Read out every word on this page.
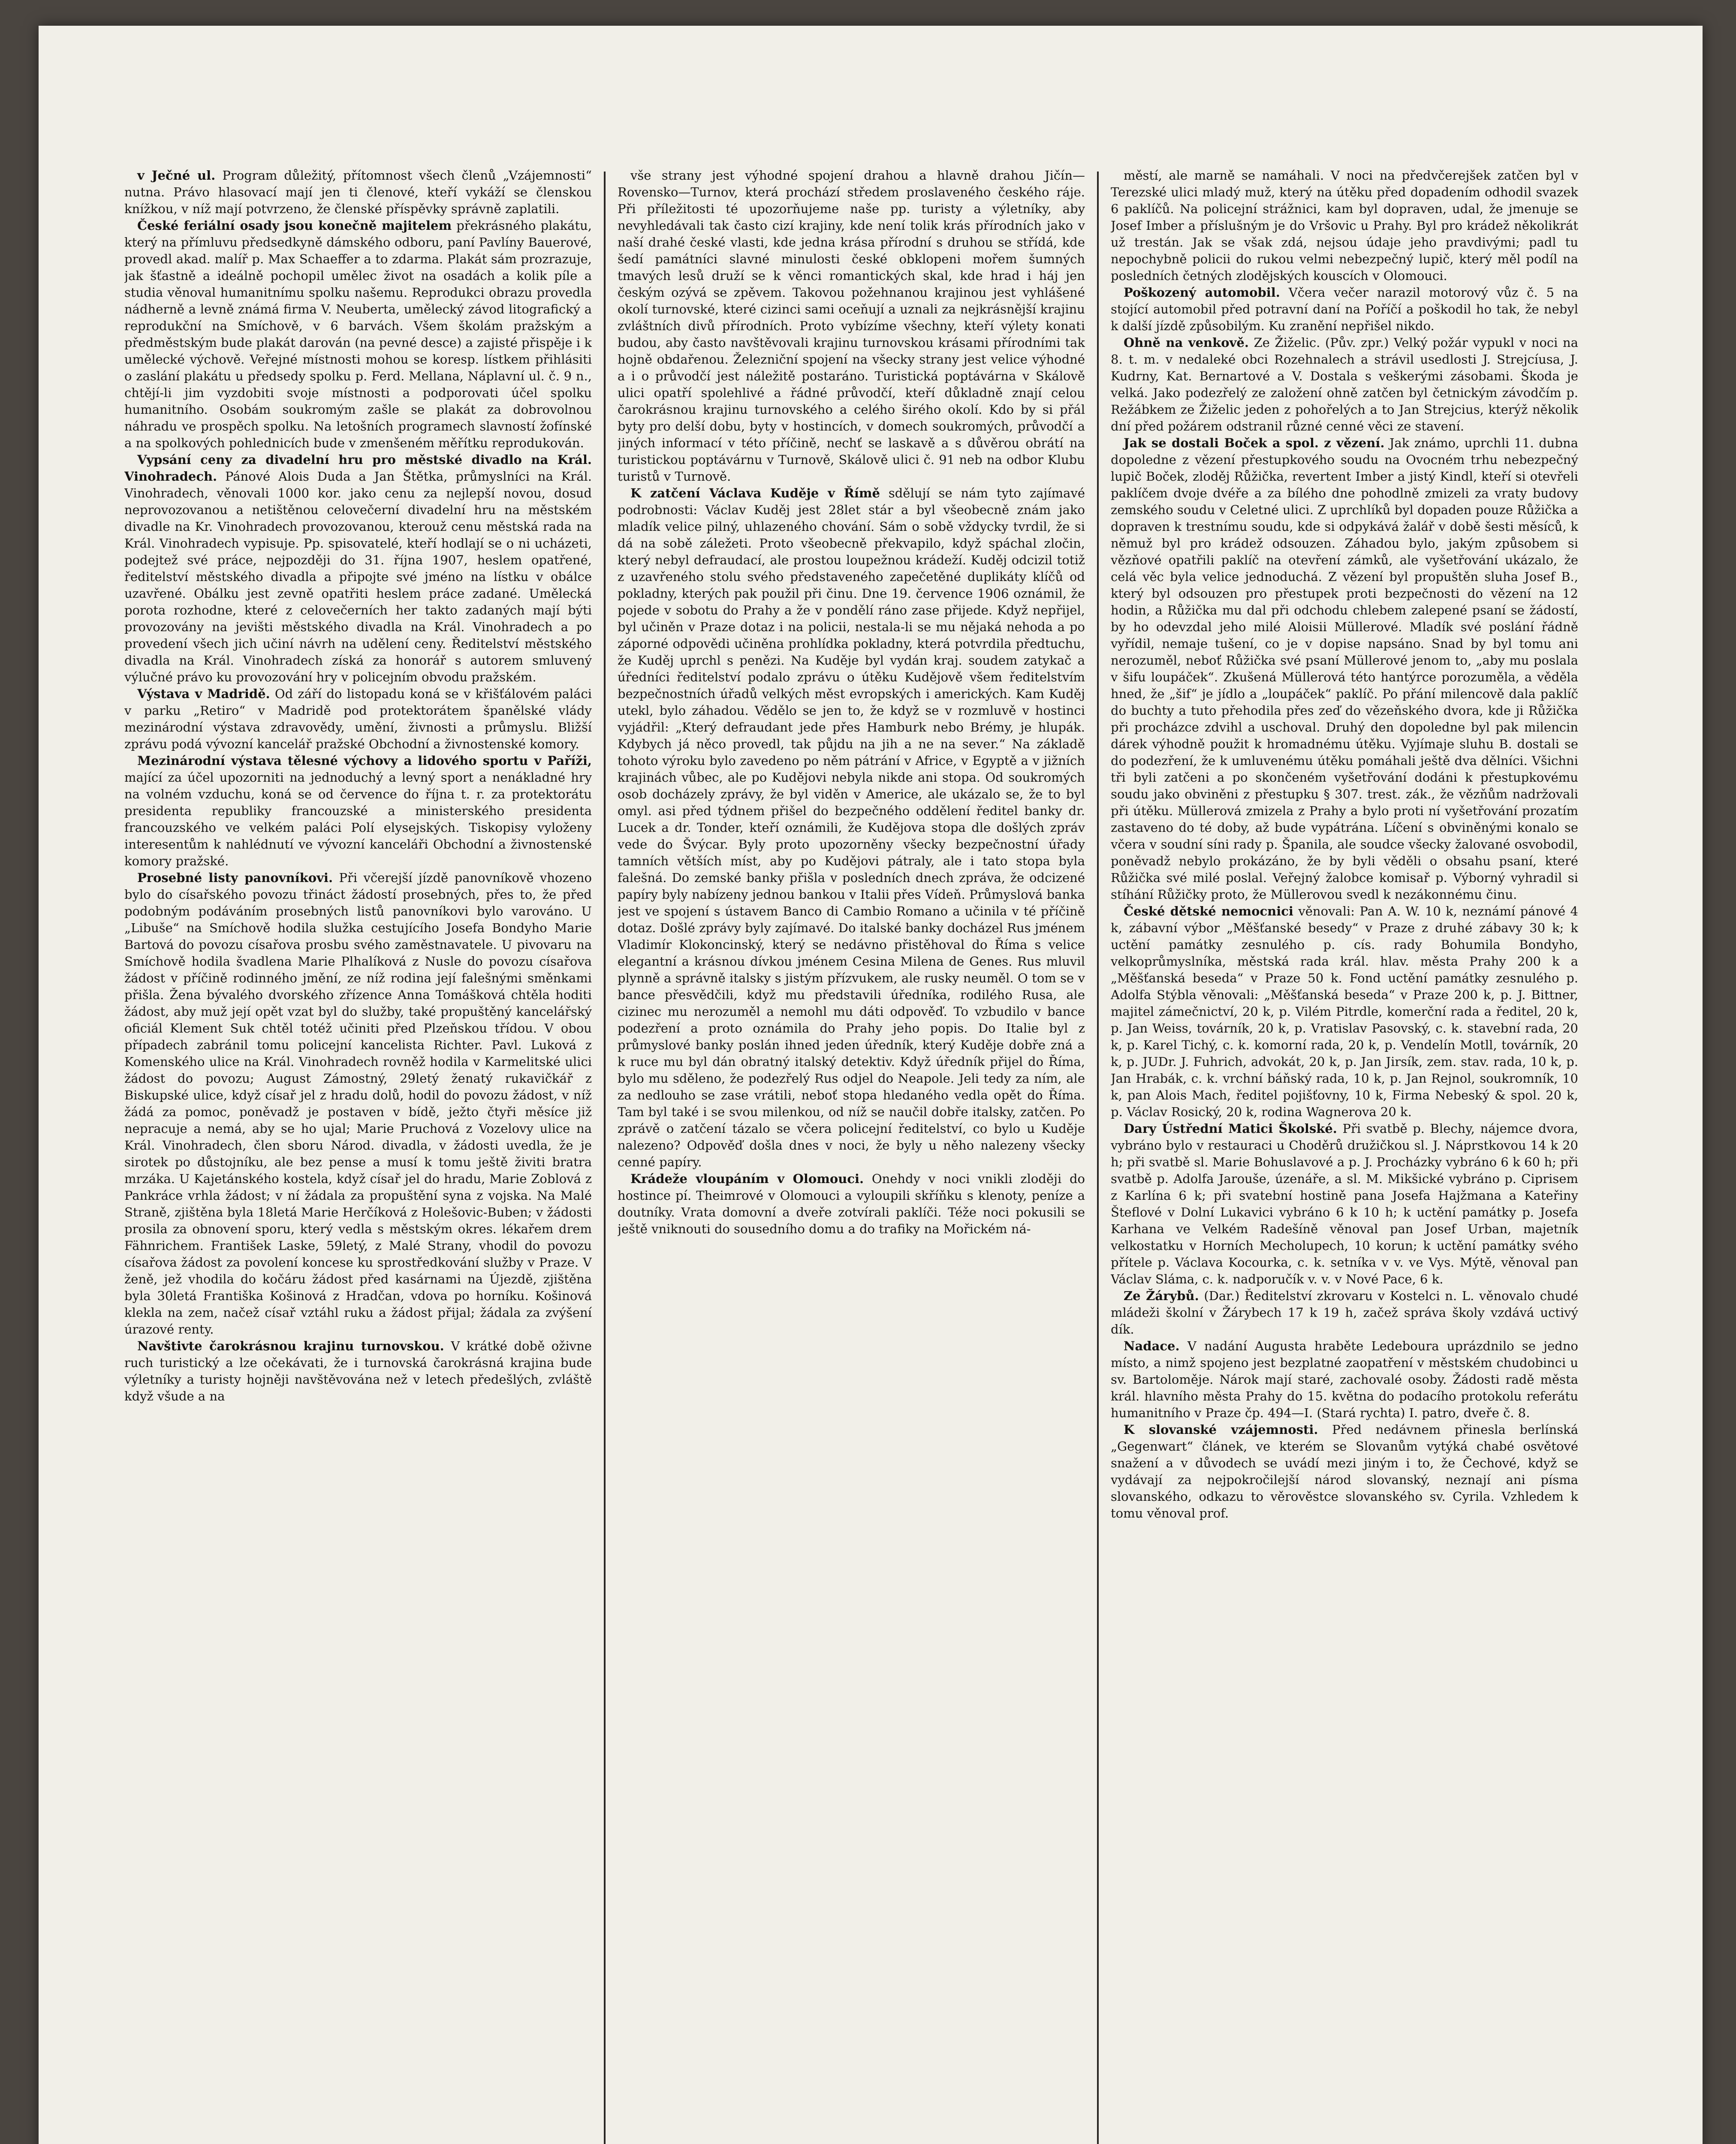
v Ječné ul. Program důležitý, přítomnost všech členů „Vzájemnosti“ nutna. Právo hlasovací mají jen ti členové, kteří vykáží se členskou knížkou, v níž mají potvrzeno, že členské příspěvky správně zaplatili.

České feriální osady jsou konečně majitelem překrásného plakátu, který na přímluvu předsedkyně dámského odboru, paní Pavlíny Bauerové, provedl akad. malíř p. Max Schaeffer a to zdarma. Plakát sám prozrazuje, jak šťastně a ideálně pochopil umělec život na osadách a kolik píle a studia věnoval humanitnímu spolku našemu. Reprodukci obrazu provedla nádherně a levně známá firma V. Neuberta, umělecký závod litografický a reprodukční na Smíchově, v 6 barvách. Všem školám pražským a předměstským bude plakát darován (na pevné desce) a zajisté přispěje i k umělecké výchově. Veřejné místnosti mohou se koresp. lístkem přihlásiti o zaslání plakátu u předsedy spolku p. Ferd. Mellana, Náplavní ul. č. 9 n., chtějí-li jim vyzdobiti svoje místnosti a podporovati účel spolku humanitního. Osobám soukromým zašle se plakát za dobrovolnou náhradu ve prospěch spolku. Na letošních programech slavností žofínské a na spolkových pohlednicích bude v zmenšeném měřítku reprodukován.

Vypsání ceny za divadelní hru pro městské divadlo na Král. Vinohradech. Pánové Alois Duda a Jan Štětka, průmyslníci na Král. Vinohradech, věnovali 1000 kor. jako cenu za nejlepší novou, dosud neprovozovanou a netištěnou celovečerní divadelní hru na městském divadle na Kr. Vinohradech provozovanou, kterouž cenu městská rada na Král. Vinohradech vypisuje. Pp. spisovatelé, kteří hodlají se o ni ucházeti, podejtež své práce, nejpozději do 31. října 1907, heslem opatřené, ředitelství městského divadla a připojte své jméno na lístku v obálce uzavřené. Obálku jest zevně opatřiti heslem práce zadané. Umělecká porota rozhodne, které z celovečerních her takto zadaných mají býti provozovány na jevišti městského divadla na Král. Vinohradech a po provedení všech jich učiní návrh na udělení ceny. Ředitelství městského divadla na Král. Vinohradech získá za honorář s autorem smluvený výlučné právo ku provozování hry v policejním obvodu pražském.

Výstava v Madridě. Od září do listopadu koná se v křišťálovém paláci v parku „Retiro“ v Madridě pod protektorátem španělské vlády mezinárodní výstava zdravovědy, umění, živnosti a průmyslu. Bližší zprávu podá vývozní kancelář pražské Obchodní a živnostenské komory.

Mezinárodní výstava tělesné výchovy a lidového sportu v Paříži, mající za účel upozorniti na jednoduchý a levný sport a nenákladné hry na volném vzduchu, koná se od července do října t. r. za protektorátu presidenta republiky francouzské a ministerského presidenta francouzského ve velkém paláci Polí elysejských. Tiskopisy vyloženy interesentům k nahlédnutí ve vývozní kanceláři Obchodní a živnostenské komory pražské.

Prosebné listy panovníkovi. Při včerejší jízdě panovníkově vhozeno bylo do císařského povozu třináct žádostí prosebných, přes to, že před podobným podáváním prosebných listů panovníkovi bylo varováno. U „Libuše“ na Smíchově hodila služka cestujícího Josefa Bondyho Marie Bartová do povozu císařova prosbu svého zaměstnavatele. U pivovaru na Smíchově hodila švadlena Marie Plhalíková z Nusle do povozu císařova žádost v příčině rodinného jmění, ze níž rodina její falešnými směnkami přišla. Žena bývalého dvorského zřízence Anna Tomášková chtěla hoditi žádost, aby muž její opět vzat byl do služby, také propuštěný kancelářský oficiál Klement Suk chtěl totéž učiniti před Plzeňskou třídou. V obou případech zabránil tomu policejní kancelista Richter. Pavl. Luková z Komenského ulice na Král. Vinohradech rovněž hodila v Karmelitské ulici žádost do povozu; August Zámostný, 29letý ženatý rukavičkář z Biskupské ulice, když císař jel z hradu dolů, hodil do povozu žádost, v níž žádá za pomoc, poněvadž je postaven v bídě, ježto čtyři měsíce již nepracuje a nemá, aby se ho ujal; Marie Pruchová z Vozelovy ulice na Král. Vinohradech, člen sboru Národ. divadla, v žádosti uvedla, že je sirotek po důstojníku, ale bez pense a musí k tomu ještě živiti bratra mrzáka. U Kajetánského kostela, když císař jel do hradu, Marie Zoblová z Pankráce vrhla žádost; v ní žádala za propuštění syna z vojska. Na Malé Straně, zjištěna byla 18letá Marie Herčíková z Holešovic-Buben; v žádosti prosila za obnovení sporu, který vedla s městským okres. lékařem drem Fähnrichem. František Laske, 59letý, z Malé Strany, vhodil do povozu císařova žádost za povolení koncese ku sprostředkování služby v Praze. V ženě, jež vhodila do kočáru žádost před kasárnami na Újezdě, zjištěna byla 30letá Františka Košinová z Hradčan, vdova po horníku. Košinová klekla na zem, načež císař vztáhl ruku a žádost přijal; žádala za zvýšení úrazové renty.

Navštivte čarokrásnou krajinu turnovskou. V krátké době oživne ruch turistický a lze očekávati, že i turnovská čarokrásná krajina bude výletníky a turisty hojněji navštěvována než v letech předešlých, zvláště když všude a na

vše strany jest výhodné spojení drahou a hlavně drahou Jičín—Rovensko—Turnov, která prochází středem proslaveného českého ráje. Při příležitosti té upozorňujeme naše pp. turisty a výletníky, aby nevyhledávali tak často cizí krajiny, kde není tolik krás přírodních jako v naší drahé české vlasti, kde jedna krása přírodní s druhou se střídá, kde šedí památníci slavné minulosti české obklopeni mořem šumných tmavých lesů druží se k věnci romantických skal, kde hrad i háj jen českým ozývá se zpěvem. Takovou požehnanou krajinou jest vyhlášené okolí turnovské, které cizinci sami oceňují a uznali za nejkrásnější krajinu zvláštních divů přírodních. Proto vybízíme všechny, kteří výlety konati budou, aby často navštěvovali krajinu turnovskou krásami přírodními tak hojně obdařenou. Železniční spojení na všecky strany jest velice výhodné a i o průvodčí jest náležitě postaráno. Turistická poptávárna v Skálově ulici opatří spolehlivé a řádné průvodčí, kteří důkladně znají celou čarokrásnou krajinu turnovského a celého širého okolí. Kdo by si přál byty pro delší dobu, byty v hostincích, v domech soukromých, průvodčí a jiných informací v této příčině, nechť se laskavě a s důvěrou obrátí na turistickou poptávárnu v Turnově, Skálově ulici č. 91 neb na odbor Klubu turistů v Turnově.

K zatčení Václava Kuděje v Římě sdělují se nám tyto zajímavé podrobnosti: Václav Kuděj jest 28let stár a byl všeobecně znám jako mladík velice pilný, uhlazeného chování. Sám o sobě vždycky tvrdil, že si dá na sobě záležeti. Proto všeobecně překvapilo, když spáchal zločin, který nebyl defraudací, ale prostou loupežnou krádeží. Kuděj odcizil totiž z uzavřeného stolu svého představeného zapečetěné duplikáty klíčů od pokladny, kterých pak použil při činu. Dne 19. července 1906 oznámil, že pojede v sobotu do Prahy a že v pondělí ráno zase přijede. Když nepřijel, byl učiněn v Praze dotaz i na policii, nestala-li se mu nějaká nehoda a po záporné odpovědi učiněna prohlídka pokladny, která potvrdila předtuchu, že Kuděj uprchl s penězi. Na Kuděje byl vydán kraj. soudem zatykač a úředníci ředitelství podalo zprávu o útěku Kudějově všem ředitelstvím bezpečnostních úřadů velkých měst evropských i amerických. Kam Kuděj utekl, bylo záhadou. Vědělo se jen to, že když se v rozmluvě v hostinci vyjádřil: „Který defraudant jede přes Hamburk nebo Brémy, je hlupák. Kdybych já něco provedl, tak půjdu na jih a ne na sever.“ Na základě tohoto výroku bylo zavedeno po něm pátrání v Africe, v Egyptě a v jižních krajinách vůbec, ale po Kudějovi nebyla nikde ani stopa. Od soukromých osob docházely zprávy, že byl viděn v Americe, ale ukázalo se, že to byl omyl. asi před týdnem přišel do bezpečného oddělení ředitel banky dr. Lucek a dr. Tonder, kteří oznámili, že Kudějova stopa dle došlých zpráv vede do Švýcar. Byly proto upozorněny všecky bezpečnostní úřady tamních větších míst, aby po Kudějovi pátraly, ale i tato stopa byla falešná. Do zemské banky přišla v posledních dnech zpráva, že odcizené papíry byly nabízeny jednou bankou v Italii přes Vídeň. Průmyslová banka jest ve spojení s ústavem Banco di Cambio Romano a učinila v té příčině dotaz. Došlé zprávy byly zajímavé. Do italské banky docházel Rus jménem Vladimír Klokoncinský, který se nedávno přistěhoval do Říma s velice elegantní a krásnou dívkou jménem Cesina Milena de Genes. Rus mluvil plynně a správně italsky s jistým přízvukem, ale rusky neuměl. O tom se v bance přesvědčili, když mu představili úředníka, rodilého Rusa, ale cizinec mu nerozuměl a nemohl mu dáti odpověď. To vzbudilo v bance podezření a proto oznámila do Prahy jeho popis. Do Italie byl z průmyslové banky poslán ihned jeden úředník, který Kuděje dobře zná a k ruce mu byl dán obratný italský detektiv. Když úředník přijel do Říma, bylo mu sděleno, že podezřelý Rus odjel do Neapole. Jeli tedy za ním, ale za nedlouho se zase vrátili, neboť stopa hledaného vedla opět do Říma. Tam byl také i se svou milenkou, od níž se naučil dobře italsky, zatčen. Po zprávě o zatčení tázalo se včera policejní ředitelství, co bylo u Kuděje nalezeno? Odpověď došla dnes v noci, že byly u něho nalezeny všecky cenné papíry.

Krádeže vloupáním v Olomouci. Onehdy v noci vnikli zloději do hostince pí. Theimrové v Olomouci a vyloupili skříňku s klenoty, peníze a doutníky. Vrata domovní a dveře zotvírali paklíči. Téže noci pokusili se ještě vniknouti do sousedního domu a do trafiky na Mořickém ná-

městí, ale marně se namáhali. V noci na předvčerejšek zatčen byl v Terezské ulici mladý muž, který na útěku před dopadením odhodil svazek 6 paklíčů. Na policejní strážnici, kam byl dopraven, udal, že jmenuje se Josef Imber a příslušným je do Vršovic u Prahy. Byl pro krádež několikrát už trestán. Jak se však zdá, nejsou údaje jeho pravdivými; padl tu nepochybně policii do rukou velmi nebezpečný lupič, který měl podíl na posledních četných zlodějských kouscích v Olomouci.

Poškozený automobil. Včera večer narazil motorový vůz č. 5 na stojící automobil před potravní daní na Poříčí a poškodil ho tak, že nebyl k další jízdě způsobilým. Ku zranění nepřišel nikdo.

Ohně na venkově. Ze Žiželic. (Pův. zpr.) Velký požár vypukl v noci na 8. t. m. v nedaleké obci Rozehnalech a strávil usedlosti J. Strejcíusa, J. Kudrny, Kat. Bernartové a V. Dostala s veškerými zásobami. Škoda je velká. Jako podezřelý ze založení ohně zatčen byl četnickým závodčím p. Režábkem ze Žiželic jeden z pohořelých a to Jan Strejcius, kterýž několik dní před požárem odstranil různé cenné věci ze stavení.

Jak se dostali Boček a spol. z vězení. Jak známo, uprchli 11. dubna dopoledne z vězení přestupkového soudu na Ovocném trhu nebezpečný lupič Boček, zloděj Růžička, revertent Imber a jistý Kindl, kteří si otevřeli paklíčem dvoje dvéře a za bílého dne pohodlně zmizeli za vraty budovy zemského soudu v Celetné ulici. Z uprchlíků byl dopaden pouze Růžička a dopraven k trestnímu soudu, kde si odpykává žalář v době šesti měsíců, k němuž byl pro krádež odsouzen. Záhadou bylo, jakým způsobem si vězňové opatřili paklíč na otevření zámků, ale vyšetřování ukázalo, že celá věc byla velice jednoduchá. Z vězení byl propuštěn sluha Josef B., který byl odsouzen pro přestupek proti bezpečnosti do vězení na 12 hodin, a Růžička mu dal při odchodu chlebem zalepené psaní se žádostí, by ho odevzdal jeho milé Aloisii Müllerové. Mladík své poslání řádně vyřídil, nemaje tušení, co je v dopise napsáno. Snad by byl tomu ani nerozuměl, neboť Růžička své psaní Müllerové jenom to, „aby mu poslala v šifu loupáček“. Zkušená Müllerová této hantýrce porozuměla, a věděla hned, že „šif“ je jídlo a „loupáček“ paklíč. Po přání milencově dala paklíč do buchty a tuto přehodila přes zeď do vězeňského dvora, kde ji Růžička při procházce zdvihl a uschoval. Druhý den dopoledne byl pak milencin dárek výhodně použit k hromadnému útěku. Vyjímaje sluhu B. dostali se do podezření, že k umluvenému útěku pomáhali ještě dva dělníci. Všichni tři byli zatčeni a po skončeném vyšetřování dodáni k přestupkovému soudu jako obviněni z přestupku § 307. trest. zák., že vězňům nadržovali při útěku. Müllerová zmizela z Prahy a bylo proti ní vyšetřování prozatím zastaveno do té doby, až bude vypátrána. Líčení s obviněnými konalo se včera v soudní síni rady p. Španila, ale soudce všecky žalované osvobodil, poněvadž nebylo prokázáno, že by byli věděli o obsahu psaní, které Růžička své milé poslal. Veřejný žalobce komisař p. Výborný vyhradil si stíhání Růžičky proto, že Müllerovou svedl k nezákonnému činu.

České dětské nemocnici věnovali: Pan A. W. 10 k, neznámí pánové 4 k, zábavní výbor „Měšťanské besedy“ v Praze z druhé zábavy 30 k; k uctění památky zesnulého p. cís. rady Bohumila Bondyho, velkoprůmyslníka, městská rada král. hlav. města Prahy 200 k a „Měšťanská beseda“ v Praze 50 k. Fond uctění památky zesnulého p. Adolfa Stýbla věnovali: „Měšťanská beseda“ v Praze 200 k, p. J. Bittner, majitel zámečnictví, 20 k, p. Vilém Pitrdle, komerční rada a ředitel, 20 k, p. Jan Weiss, továrník, 20 k, p. Vratislav Pasovský, c. k. stavební rada, 20 k, p. Karel Tichý, c. k. komorní rada, 20 k, p. Vendelín Motll, továrník, 20 k, p. JUDr. J. Fuhrich, advokát, 20 k, p. Jan Jirsík, zem. stav. rada, 10 k, p. Jan Hrabák, c. k. vrchní báňský rada, 10 k, p. Jan Rejnol, soukromník, 10 k, pan Alois Mach, ředitel pojišťovny, 10 k, Firma Nebeský & spol. 20 k, p. Václav Rosický, 20 k, rodina Wagnerova 20 k.

Dary Ústřední Matici Školské. Při svatbě p. Blechy, nájemce dvora, vybráno bylo v restauraci u Choděrů družičkou sl. J. Náprstkovou 14 k 20 h; při svatbě sl. Marie Bohuslavové a p. J. Procházky vybráno 6 k 60 h; při svatbě p. Adolfa Jarouše, úzenáře, a sl. M. Mikšické vybráno p. Ciprisem z Karlína 6 k; při svatební hostině pana Josefa Hajžmana a Kateřiny Šteflové v Dolní Lukavici vybráno 6 k 10 h; k uctění památky p. Josefa Karhana ve Velkém Radešíně věnoval pan Josef Urban, majetník velkostatku v Horních Mecholupech, 10 korun; k uctění památky svého přítele p. Václava Kocourka, c. k. setníka v v. ve Vys. Mýtě, věnoval pan Václav Sláma, c. k. nadporučík v. v. v Nové Pace, 6 k.

Ze Žárybů. (Dar.) Ředitelství zkrovaru v Kostelci n. L. věnovalo chudé mládeži školní v Žárybech 17 k 19 h, začež správa školy vzdává uctivý dík.

Nadace. V nadání Augusta hraběte Ledebourа uprázdnilo se jedno místo, a nimž spojeno jest bezplatné zaopatření v městském chudobinci u sv. Bartoloměje. Nárok mají staré, zachovalé osoby. Žádosti radě města král. hlavního města Prahy do 15. května do podacího protokolu referátu humanitního v Praze čp. 494—I. (Stará rychta) I. patro, dveře č. 8.

K slovanské vzájemnosti. Před nedávnem přinesla berlínská „Gegenwart“ článek, ve kterém se Slovanům vytýká chabé osvětové snažení a v důvodech se uvádí mezi jiným i to, že Čechové, když se vydávají za nejpokročilejší národ slovanský, neznají ani písma slovanského, odkazu to věrověstce slovanského sv. Cyrila. Vzhledem k tomu věnoval prof.
